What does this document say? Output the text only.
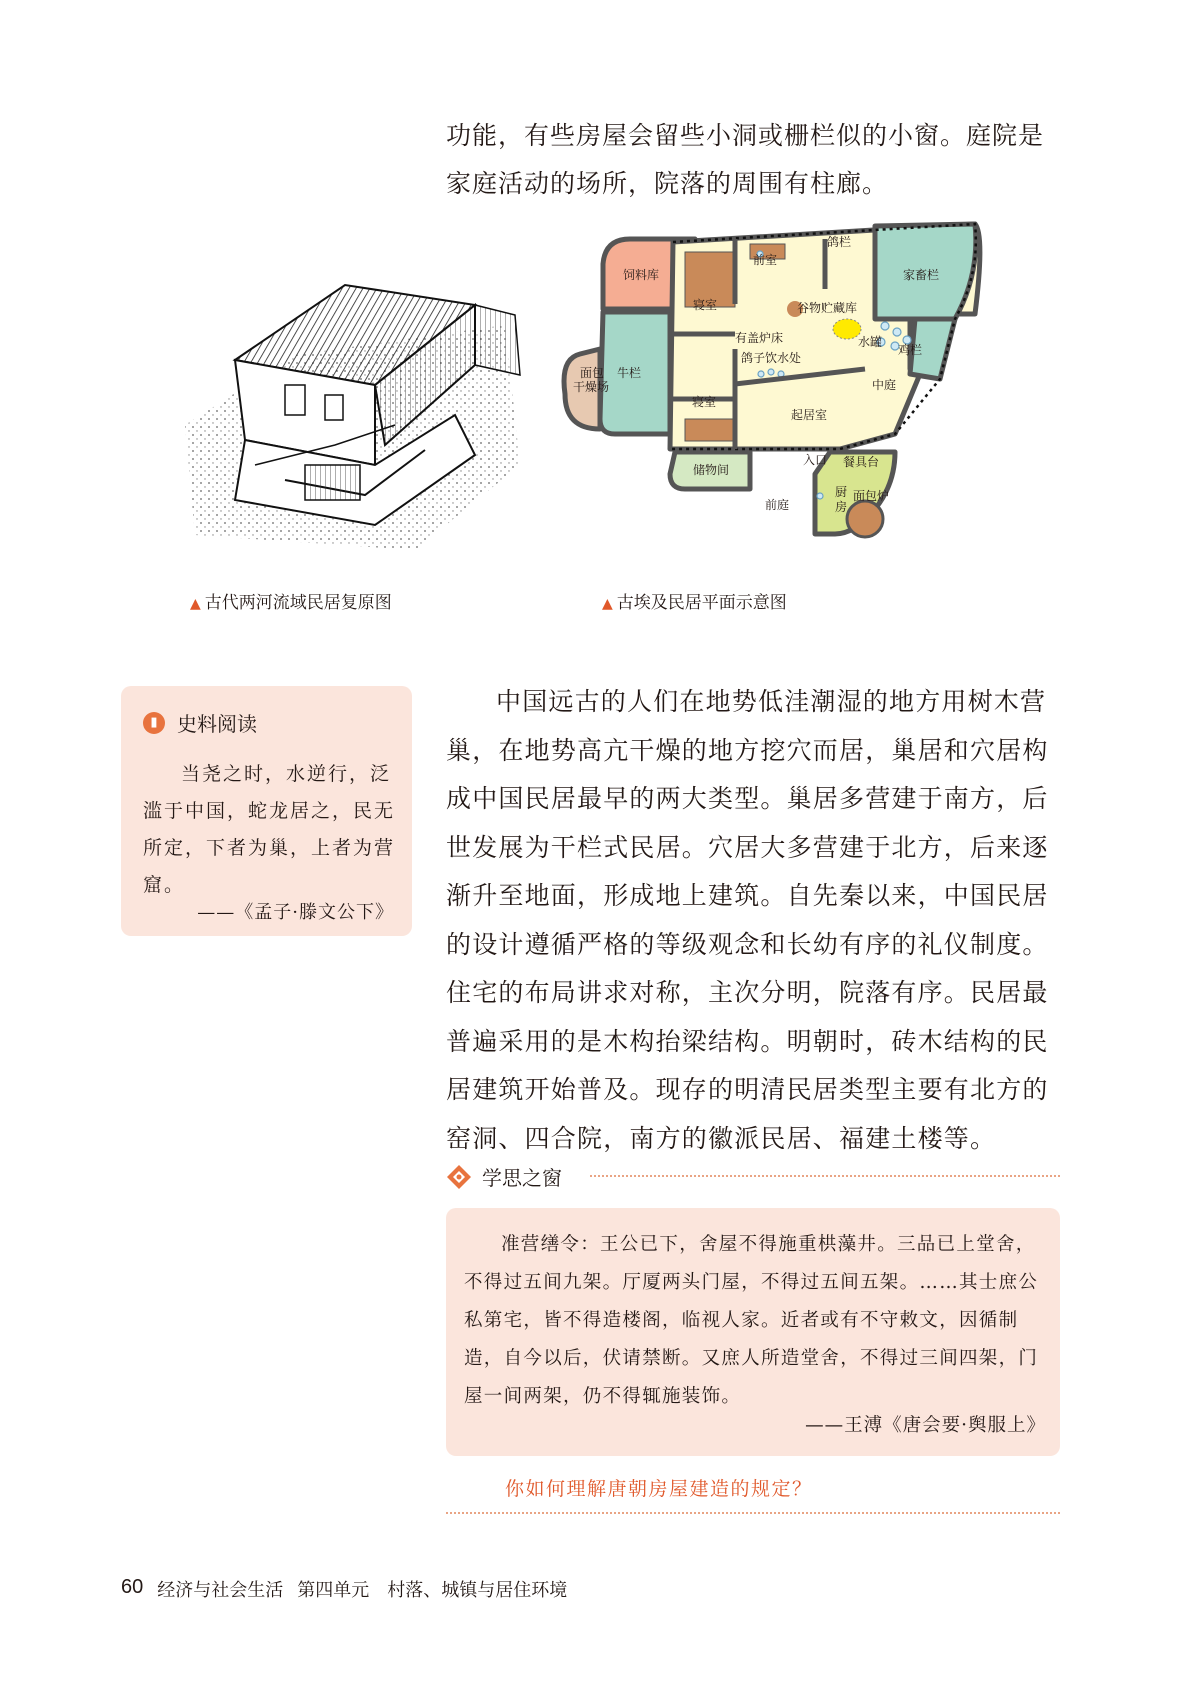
功能，有些房屋会留些小洞或栅栏似的小窗。庭院是家庭活动的场所，院落的周围有柱廊。

饲料库
前室
鸽栏
家畜栏
寝室	谷物贮藏库
有盖炉床	水罐
鸡栏
面包
干燥场
牛栏
鸽子饮水处
中庭
寝室
起居室
储物间
入口 餐具台
厨
房
面包炉
前庭
▲ 古代两河流域民居复原图	▲ 古埃及民居平面示意图
▮ 史料阅读

当尧之时，水逆行，泛滥于中国，蛇龙居之，民无所定，下者为巢，上者为营窟。

——《孟子·滕文公下》

中国远古的人们在地势低洼潮湿的地方用树木营巢，在地势高亢干燥的地方挖穴而居，巢居和穴居构成中国民居最早的两大类型。巢居多营建于南方，后世发展为干栏式民居。穴居大多营建于北方，后来逐渐升至地面，形成地上建筑。自先秦以来，中国民居的设计遵循严格的等级观念和长幼有序的礼仪制度。住宅的布局讲求对称，主次分明，院落有序。民居最普遍采用的是木构抬梁结构。明朝时，砖木结构的民居建筑开始普及。现存的明清民居类型主要有北方的窑洞、四合院，南方的徽派民居、福建土楼等。

学思之窗

准营缮令：王公已下，舍屋不得施重栱藻井。三品已上堂舍，不得过五间九架。厅厦两头门屋，不得过五间五架。……其士庶公私第宅，皆不得造楼阁，临视人家。近者或有不守敕文，因循制造，自今以后，伏请禁断。又庶人所造堂舍，不得过三间四架，门屋一间两架，仍不得辄施装饰。

——王溥《唐会要·舆服上》
你如何理解唐朝房屋建造的规定？
60 经济与社会生活 第四单元　村落、城镇与居住环境
